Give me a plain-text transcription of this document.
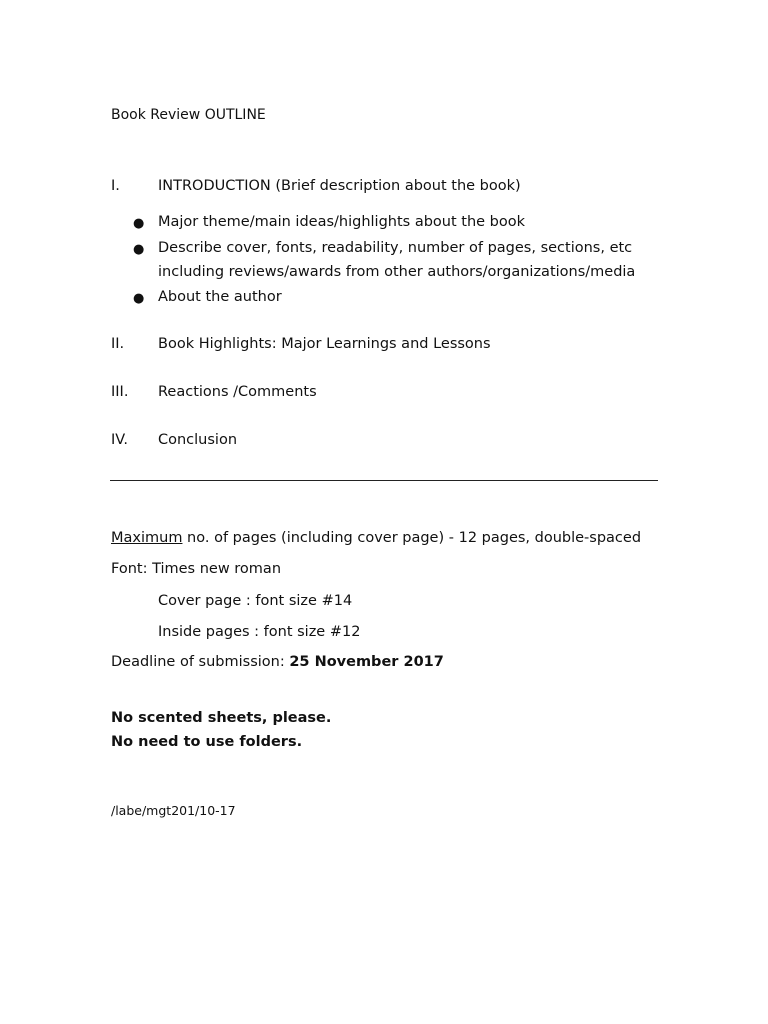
Book Review OUTLINE
I.	INTRODUCTION (Brief description about the book)
● Major theme/main ideas/highlights about the book
● Describe cover, fonts, readability, number of pages, sections, etc
including reviews/awards from other authors/organizations/media
● About the author
II. Book Highlights: Major Learnings and Lessons
III. Reactions /Comments
IV. Conclusion
Maximum no. of pages (including cover page) - 12 pages, double-spaced
Font: Times new roman
Cover page : font size #14
Inside pages : font size #12
Deadline of submission: 25 November 2017
No scented sheets, please.
No need to use folders.
/labe/mgt201/10-17
